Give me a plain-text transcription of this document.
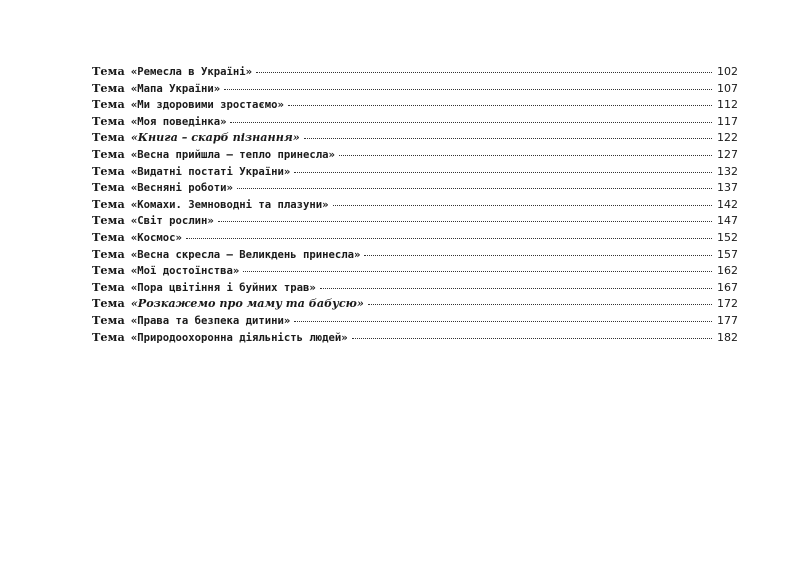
Тема «Ремесла в Україні»	102
Тема «Мапа України»	107
Тема «Ми здоровими зростаємо»	112
Тема «Моя поведінка»	117
Тема «Книга – скарб пізнання»	122
Тема «Весна прийшла – тепло принесла»	127
Тема «Видатні постаті України»	132
Тема «Весняні роботи»	137
Тема «Комахи. Земноводні та плазуни»	142
Тема «Світ рослин»	147
Тема «Космос»	152
Тема «Весна скресла – Великдень принесла»	157
Тема «Мої достоїнства»	162
Тема «Пора цвітіння і буйних трав»	167
Тема «Розкажемо про маму та бабусю»	172
Тема «Права та безпека дитини»	177
Тема «Природоохоронна діяльність людей»	182
